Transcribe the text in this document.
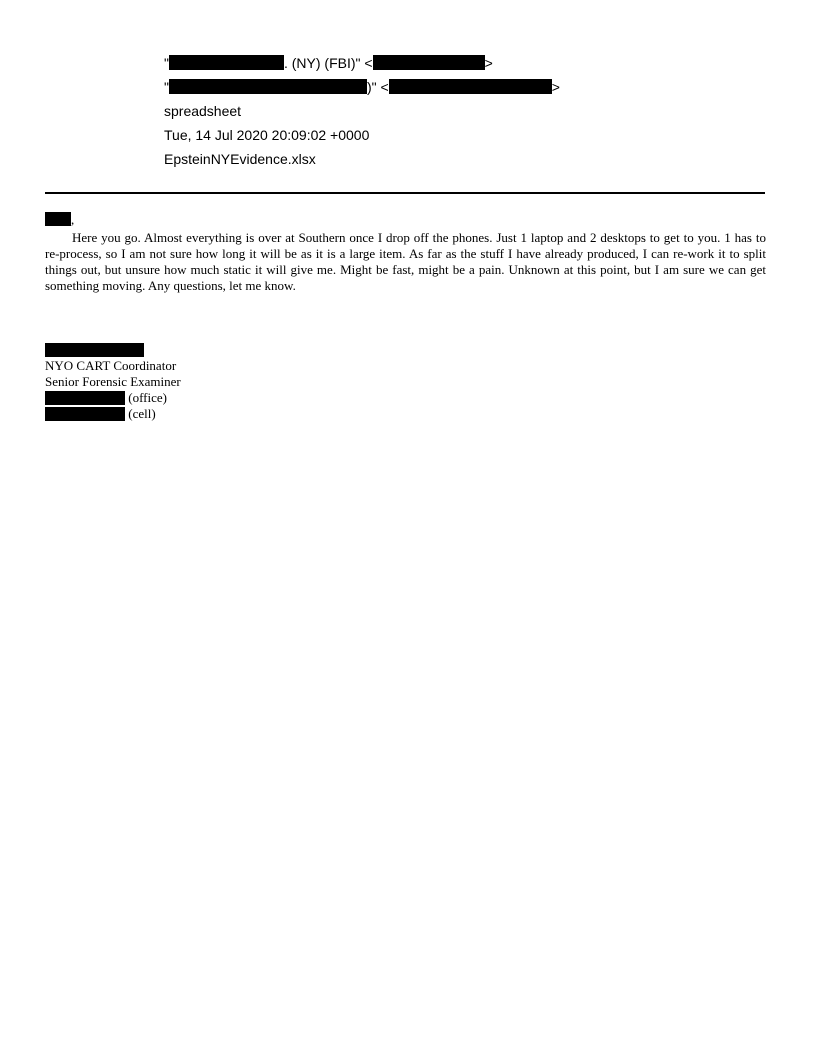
"	. (NY) (FBI)" <	>
"	)" <	>
spreadsheet
Tue, 14 Jul 2020 20:09:02 +0000
EpsteinNYEvidence.xlsx
,

Here you go. Almost everything is over at Southern once I drop off the phones. Just 1 laptop and 2 desktops to get to you. 1 has to re-process, so I am not sure how long it will be as it is a large item. As far as the stuff I have already produced, I can re-work it to split things out, but unsure how much static it will give me. Might be fast, might be a pain. Unknown at this point, but I am sure we can get something moving. Any questions, let me know.

NYO CART Coordinator
Senior Forensic Examiner
(office)
(cell)
